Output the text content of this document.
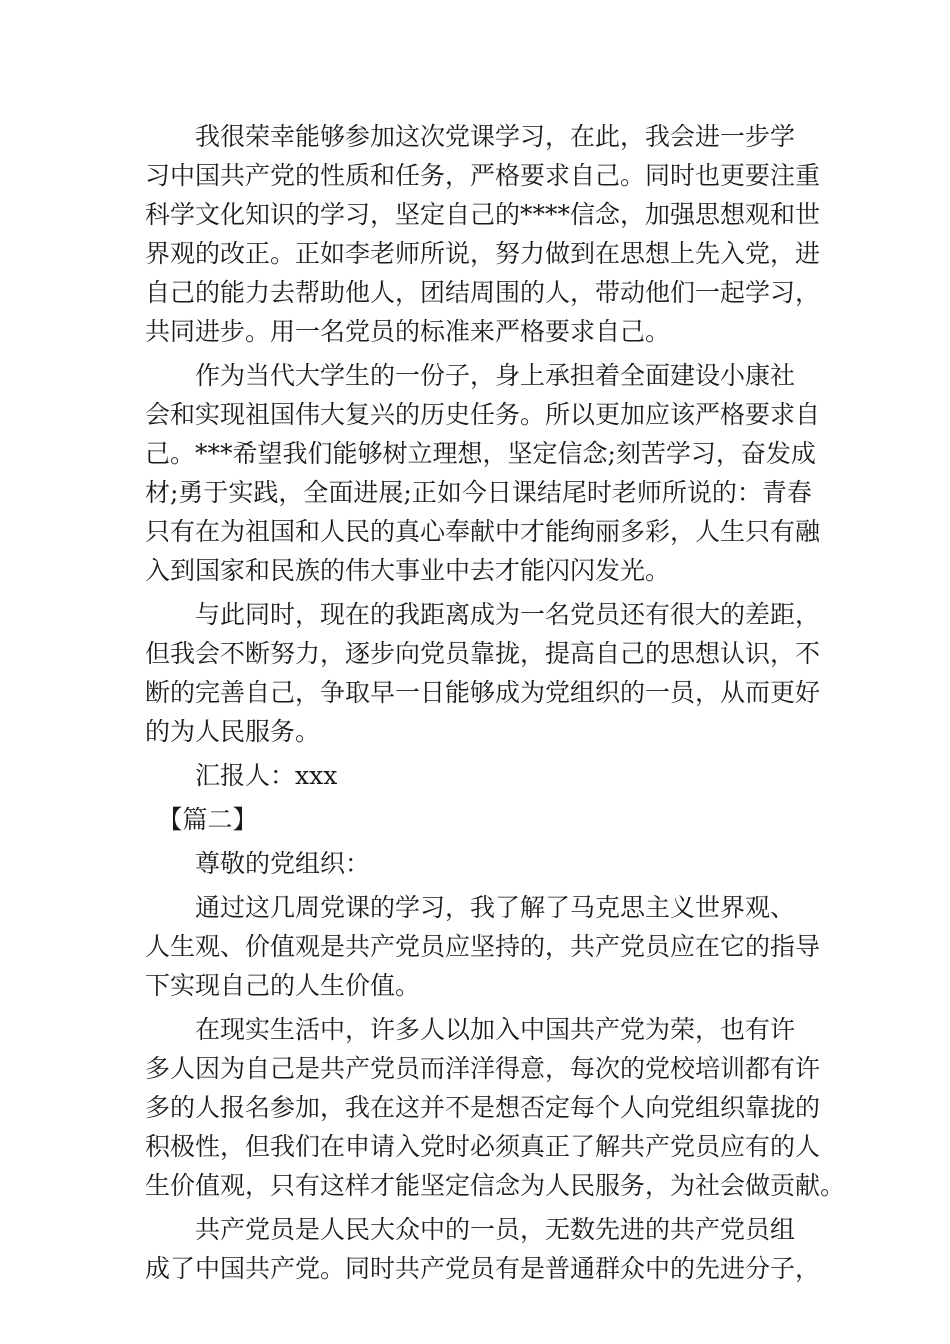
　　我很荣幸能够参加这次党课学习，在此，我会进一步学
习中国共产党的性质和任务，严格要求自己。同时也更要注重
科学文化知识的学习，坚定自己的****信念，加强思想观和世
界观的改正。正如李老师所说，努力做到在思想上先入党，进
自己的能力去帮助他人，团结周围的人，带动他们一起学习，
共同进步。用一名党员的标准来严格要求自己。
　　作为当代大学生的一份子，身上承担着全面建设小康社
会和实现祖国伟大复兴的历史任务。所以更加应该严格要求自
己。***希望我们能够树立理想，坚定信念;刻苦学习，奋发成
材;勇于实践，全面进展;正如今日课结尾时老师所说的：青春
只有在为祖国和人民的真心奉献中才能绚丽多彩，人生只有融
入到国家和民族的伟大事业中去才能闪闪发光。
　　与此同时，现在的我距离成为一名党员还有很大的差距，
但我会不断努力，逐步向党员靠拢，提高自己的思想认识，不
断的完善自己，争取早一日能够成为党组织的一员，从而更好
的为人民服务。
　　汇报人：xxx
　【篇二】
　　尊敬的党组织：
　　通过这几周党课的学习，我了解了马克思主义世界观、
人生观、价值观是共产党员应坚持的，共产党员应在它的指导
下实现自己的人生价值。
　　在现实生活中，许多人以加入中国共产党为荣，也有许
多人因为自己是共产党员而洋洋得意，每次的党校培训都有许
多的人报名参加，我在这并不是想否定每个人向党组织靠拢的
积极性，但我们在申请入党时必须真正了解共产党员应有的人
生价值观，只有这样才能坚定信念为人民服务，为社会做贡献。
　　共产党员是人民大众中的一员，无数先进的共产党员组
成了中国共产党。同时共产党员有是普通群众中的先进分子，
